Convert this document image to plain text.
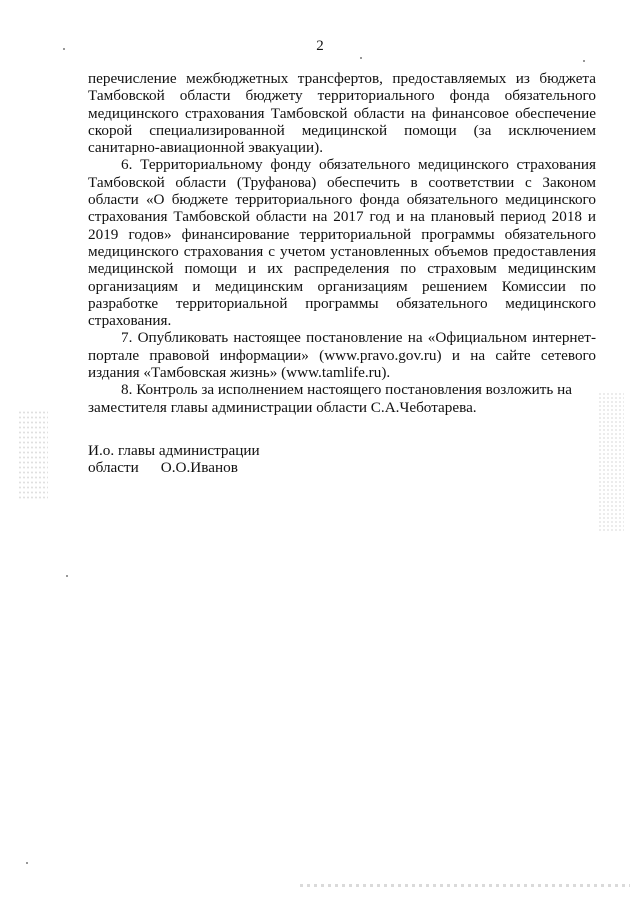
2

перечисление межбюджетных трансфертов, предоставляемых из бюджета Тамбовской области бюджету территориального фонда обязательного медицинского страхования Тамбовской области на финансовое обеспечение скорой специализированной медицинской помощи (за исключением санитарно-авиационной эвакуации).

6. Территориальному фонду обязательного медицинского страхования Тамбовской области (Труфанова) обеспечить в соответствии с Законом области «О бюджете территориального фонда обязательного медицинского страхования Тамбовской области на 2017 год и на плановый период 2018 и 2019 годов» финансирование территориальной программы обязательного медицинского страхования с учетом установленных объемов предоставления медицинской помощи и их распределения по страховым медицинским организациям и медицинским организациям решением Комиссии по разработке территориальной программы обязательного медицинского страхования.

7. Опубликовать настоящее постановление на «Официальном интернет-портале правовой информации» (www.pravo.gov.ru) и на сайте сетевого издания «Тамбовская жизнь» (www.tamlife.ru).

8. Контроль за исполнением настоящего постановления возложить на заместителя главы администрации области С.А.Чеботарева.

И.о. главы администрации
области О.О.Иванов
